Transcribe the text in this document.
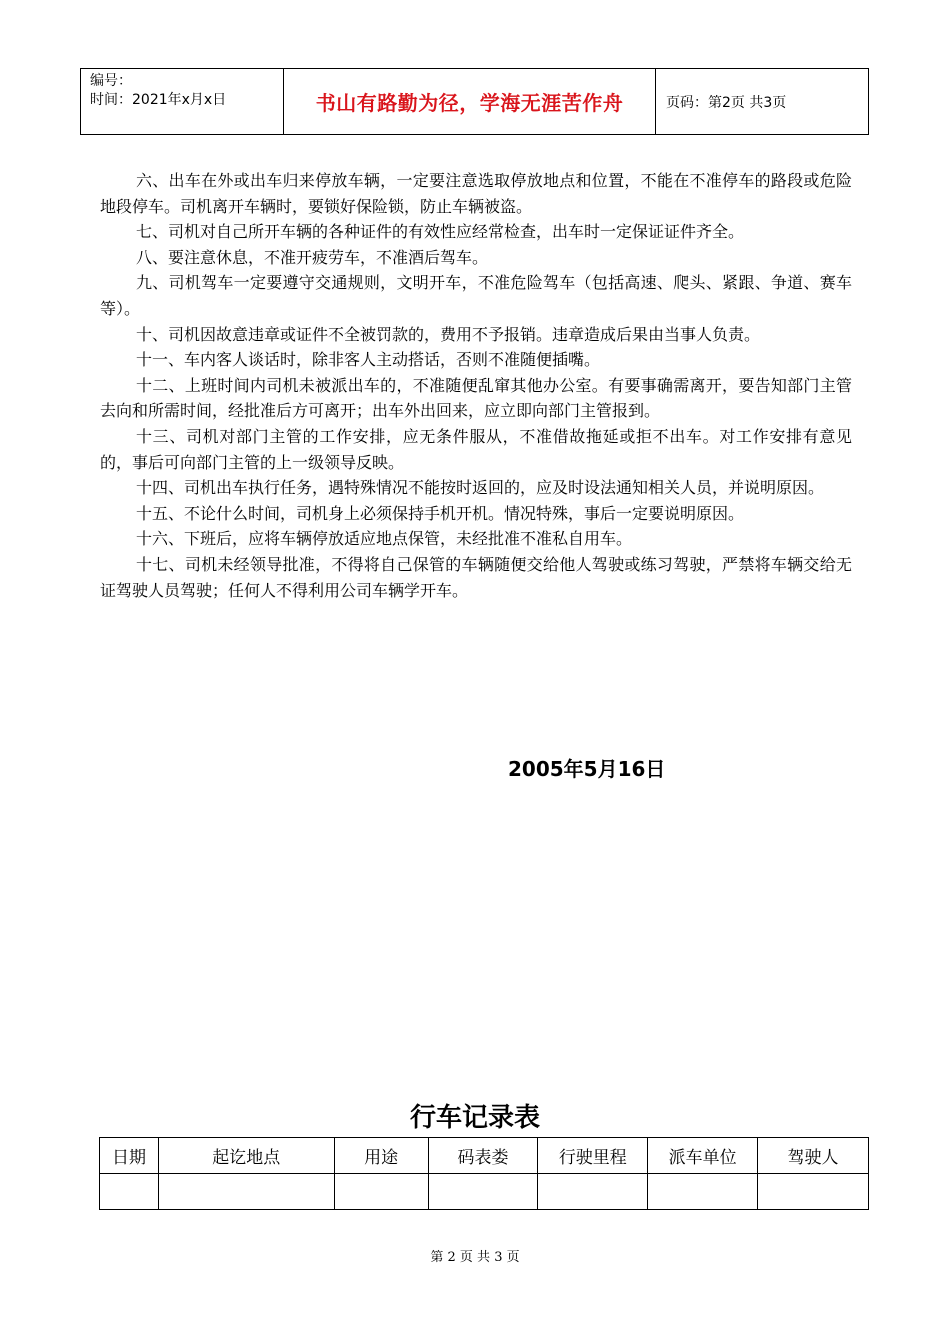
编号：
时间：2021年x月x日	书山有路勤为径，学海无涯苦作舟	页码：第2页 共3页

六、出车在外或出车归来停放车辆，一定要注意选取停放地点和位置，不能在不准停车的路段或危险地段停车。司机离开车辆时，要锁好保险锁，防止车辆被盗。

七、司机对自己所开车辆的各种证件的有效性应经常检查，出车时一定保证证件齐全。

八、要注意休息，不准开疲劳车，不准酒后驾车。

九、司机驾车一定要遵守交通规则，文明开车，不准危险驾车（包括高速、爬头、紧跟、争道、赛车等）。

十、司机因故意违章或证件不全被罚款的，费用不予报销。违章造成后果由当事人负责。

十一、车内客人谈话时，除非客人主动搭话，否则不准随便插嘴。

十二、上班时间内司机未被派出车的，不准随便乱窜其他办公室。有要事确需离开，要告知部门主管去向和所需时间，经批准后方可离开；出车外出回来，应立即向部门主管报到。

十三、司机对部门主管的工作安排，应无条件服从，不准借故拖延或拒不出车。对工作安排有意见的，事后可向部门主管的上一级领导反映。

十四、司机出车执行任务，遇特殊情况不能按时返回的，应及时设法通知相关人员，并说明原因。

十五、不论什么时间，司机身上必须保持手机开机。情况特殊，事后一定要说明原因。

十六、下班后，应将车辆停放适应地点保管，未经批准不准私自用车。

十七、司机未经领导批准，不得将自己保管的车辆随便交给他人驾驶或练习驾驶，严禁将车辆交给无证驾驶人员驾驶；任何人不得利用公司车辆学开车。

2005年5月16日
行车记录表
日期	起讫地点	用途	码表娄	行驶里程	派车单位	驾驶人

第 2 页 共 3 页
